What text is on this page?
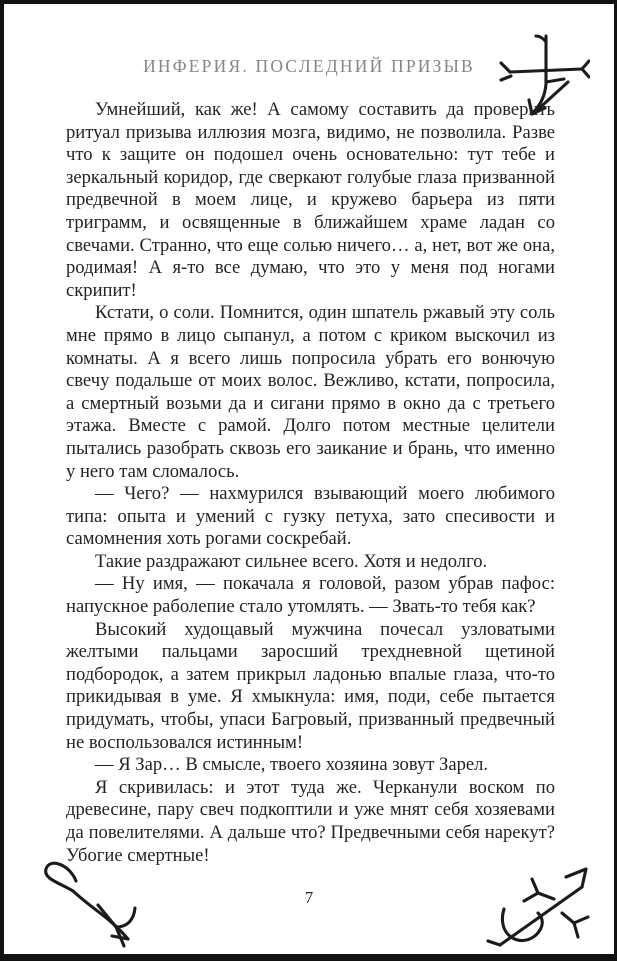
ИНФЕРИЯ. ПОСЛЕДНИЙ ПРИЗЫВ

Умнейший, как же! А самому составить да проверить ритуал призыва иллюзия мозга, видимо, не позволила. Разве что к защите он подошел очень основательно: тут тебе и зеркальный коридор, где сверкают голубые глаза призванной предвечной в моем лице, и кружево барьера из пяти триграмм, и освященные в ближайшем храме ладан со свечами. Странно, что еще солью ничего… а, нет, вот же она, родимая! А я-то все думаю, что это у меня под ногами скрипит!

Кстати, о соли. Помнится, один шпатель ржавый эту соль мне прямо в лицо сыпанул, а потом с криком выскочил из комнаты. А я всего лишь попросила убрать его вонючую свечу подальше от моих волос. Вежливо, кстати, попросила, а смертный возьми да и сигани прямо в окно да с третьего этажа. Вместе с рамой. Долго потом местные целители пытались разобрать сквозь его заикание и брань, что именно у него там сломалось.

— Чего? — нахмурился взывающий моего любимого типа: опыта и умений с гузку петуха, зато спесивости и самомнения хоть рогами соскребай.

Такие раздражают сильнее всего. Хотя и недолго.

— Ну имя, — покачала я головой, разом убрав пафос: напускное раболепие стало утомлять. — Звать-то тебя как?

Высокий худощавый мужчина почесал узловатыми желтыми пальцами заросший трехдневной щетиной подбородок, а затем прикрыл ладонью впалые глаза, что-то прикидывая в уме. Я хмыкнула: имя, поди, себе пытается придумать, чтобы, упаси Багровый, призванный предвечный не воспользовался истинным!

— Я Зар… В смысле, твоего хозяина зовут Зарел.

Я скривилась: и этот туда же. Черканули воском по древесине, пару свеч подкоптили и уже мнят себя хозяевами да повелителями. А дальше что? Предвечными себя нарекут? Убогие смертные!

7
